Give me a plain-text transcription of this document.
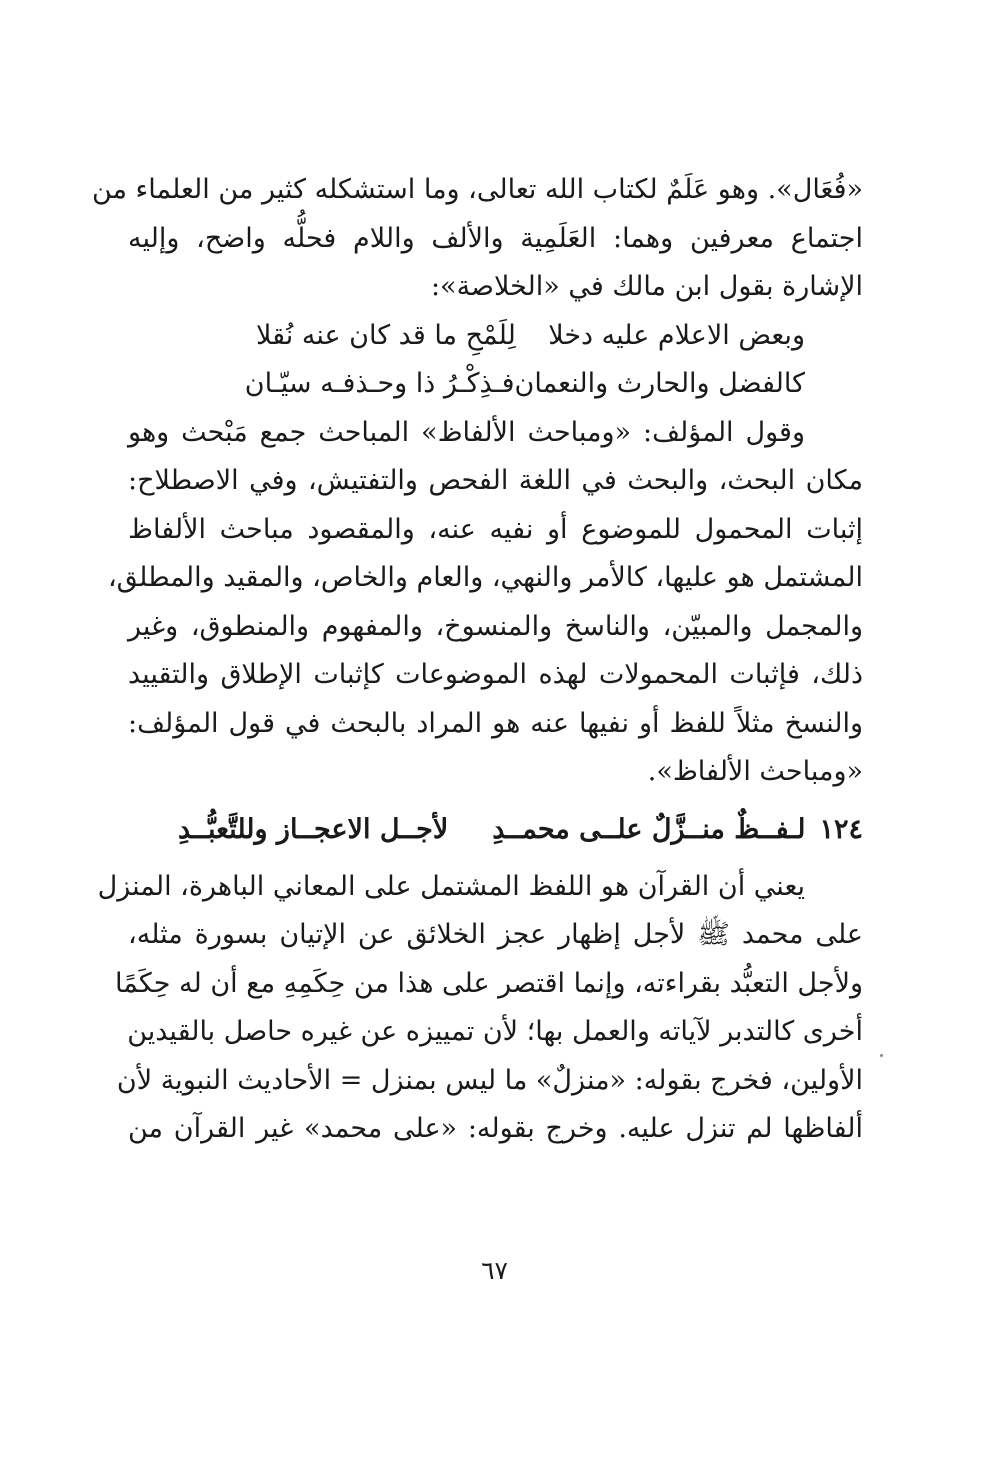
«فُعَال». وهو عَلَمٌ لكتاب الله تعالى، وما استشكله كثير من العلماء من
اجتماع معرفين وهما: العَلَمِية والألف واللام فحلُّه واضح، وإليه
الإشارة بقول ابن مالك في «الخلاصة»:
وبعض الاعلام عليه دخلا
لِلَمْحِ ما قد كان عنه نُقلا
كالفضل والحارث والنعمان
فـذِكْـرُ ذا وحـذفـه سيّـان
وقول المؤلف: «ومباحث الألفاظ» المباحث جمع مَبْحث وهو
مكان البحث، والبحث في اللغة الفحص والتفتيش، وفي الاصطلاح:
إثبات المحمول للموضوع أو نفيه عنه، والمقصود مباحث الألفاظ
المشتمل هو عليها، كالأمر والنهي، والعام والخاص، والمقيد والمطلق،
والمجمل والمبيّن، والناسخ والمنسوخ، والمفهوم والمنطوق، وغير
ذلك، فإثبات المحمولات لهذه الموضوعات كإثبات الإطلاق والتقييد
والنسخ مثلاً للفظ أو نفيها عنه هو المراد بالبحث في قول المؤلف:
«ومباحث الألفاظ».
١٢٤
لـفــظٌ منــزَّلٌ علــى محمــدِ
لأجــل الاعجــاز وللتَّعبُّــدِ
يعني أن القرآن هو اللفظ المشتمل على المعاني الباهرة، المنزل
على محمد ﷺ لأجل إظهار عجز الخلائق عن الإتيان بسورة مثله،
ولأجل التعبُّد بقراءته، وإنما اقتصر على هذا من حِكَمِهِ مع أن له حِكَمًا
أخرى كالتدبر لآياته والعمل بها؛ لأن تمييزه عن غيره حاصل بالقيدين
الأولين، فخرج بقوله: «منزلٌ» ما ليس بمنزل = الأحاديث النبوية لأن
ألفاظها لم تنزل عليه. وخرج بقوله: «على محمد» غير القرآن من
٦٧
